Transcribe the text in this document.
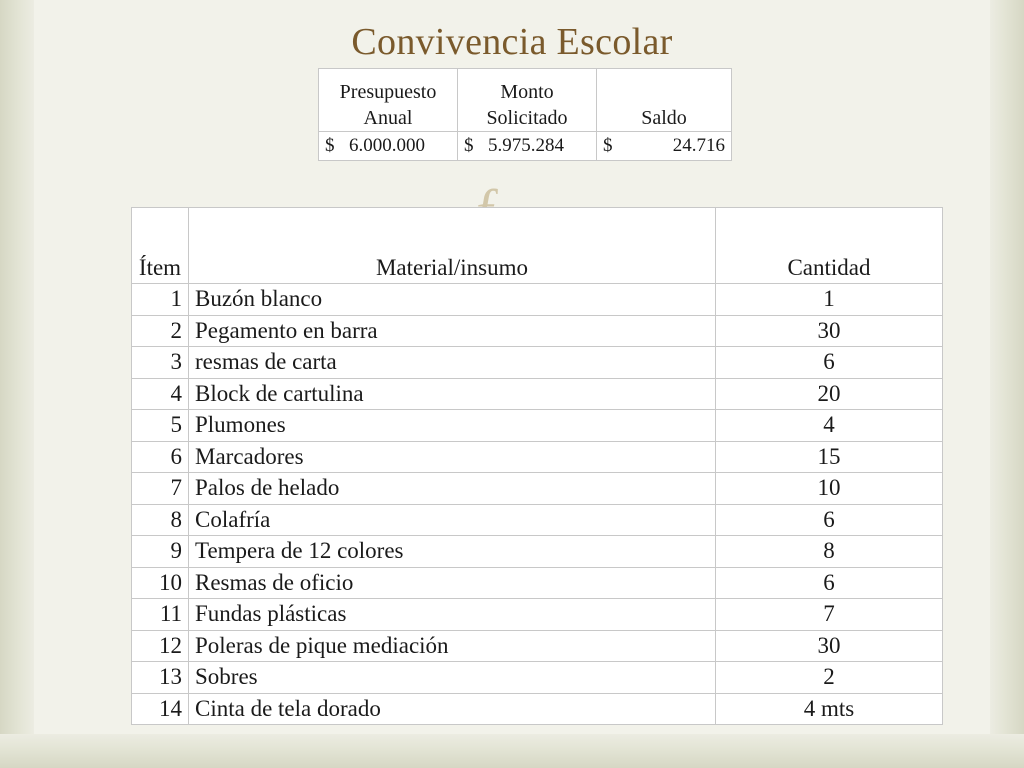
Convivencia Escolar
Presupuesto Anual	Monto Solicitado	Saldo
$ 6.000.000	$ 5.975.284	$ 24.716
Ítem	Material/insumo	Cantidad
1	Buzón blanco	1
2	Pegamento en barra	30
3	resmas de carta	6
4	Block de cartulina	20
5	Plumones	4
6	Marcadores	15
7	Palos de helado	10
8	Colafría	6
9	Tempera de 12 colores	8
10	Resmas de oficio	6
11	Fundas plásticas	7
12	Poleras de pique mediación	30
13	Sobres	2
14	Cinta de tela dorado	4 mts
